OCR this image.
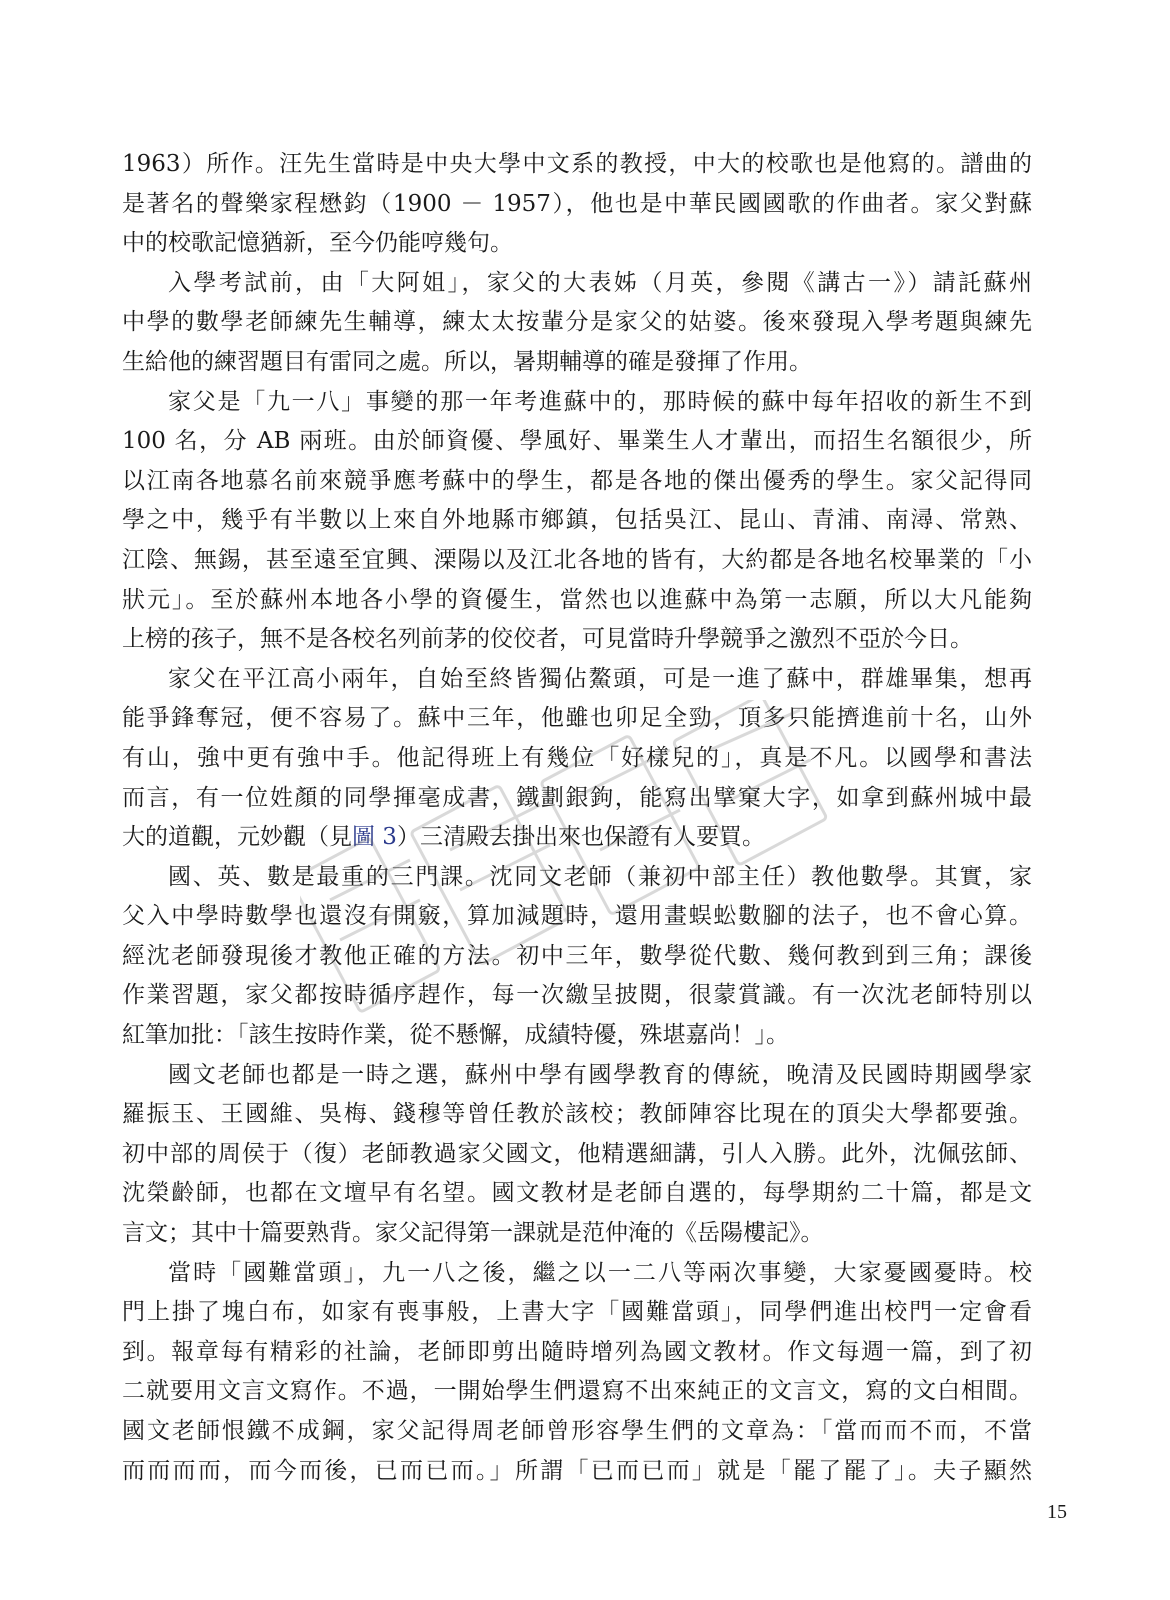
1963）所作。汪先生當時是中央大學中文系的教授，中大的校歌也是他寫的。譜曲的
是著名的聲樂家程懋鈞（1900 － 1957），他也是中華民國國歌的作曲者。家父對蘇
中的校歌記憶猶新，至今仍能哼幾句。
入學考試前，由「大阿姐」，家父的大表姊（月英，參閱《講古一》）請託蘇州
中學的數學老師練先生輔導，練太太按輩分是家父的姑婆。後來發現入學考題與練先
生給他的練習題目有雷同之處。所以，暑期輔導的確是發揮了作用。
家父是「九一八」事變的那一年考進蘇中的，那時候的蘇中每年招收的新生不到
100 名，分 AB 兩班。由於師資優、學風好、畢業生人才輩出，而招生名額很少，所
以江南各地慕名前來競爭應考蘇中的學生，都是各地的傑出優秀的學生。家父記得同
學之中，幾乎有半數以上來自外地縣市鄉鎮，包括吳江、昆山、青浦、南潯、常熟、
江陰、無錫，甚至遠至宜興、溧陽以及江北各地的皆有，大約都是各地名校畢業的「小
狀元」。至於蘇州本地各小學的資優生，當然也以進蘇中為第一志願，所以大凡能夠
上榜的孩子，無不是各校名列前茅的佼佼者，可見當時升學競爭之激烈不亞於今日。
家父在平江高小兩年，自始至終皆獨佔鰲頭，可是一進了蘇中，群雄畢集，想再
能爭鋒奪冠，便不容易了。蘇中三年，他雖也卯足全勁，頂多只能擠進前十名，山外
有山，強中更有強中手。他記得班上有幾位「好樣兒的」，真是不凡。以國學和書法
而言，有一位姓顏的同學揮毫成書，鐵劃銀鉤，能寫出擘窠大字，如拿到蘇州城中最
大的道觀，元妙觀（見圖 3）三清殿去掛出來也保證有人要買。
國、英、數是最重的三門課。沈同文老師（兼初中部主任）教他數學。其實，家
父入中學時數學也還沒有開竅，算加減題時，還用畫蜈蚣數腳的法子，也不會心算。
經沈老師發現後才教他正確的方法。初中三年，數學從代數、幾何教到到三角；課後
作業習題，家父都按時循序趕作，每一次繳呈披閱，很蒙賞識。有一次沈老師特別以
紅筆加批：「該生按時作業，從不懸懈，成績特優，殊堪嘉尚！」。
國文老師也都是一時之選，蘇州中學有國學教育的傳統，晚清及民國時期國學家
羅振玉、王國維、吳梅、錢穆等曾任教於該校；教師陣容比現在的頂尖大學都要強。
初中部的周侯于（復）老師教過家父國文，他精選細講，引人入勝。此外，沈佩弦師、
沈榮齡師，也都在文壇早有名望。國文教材是老師自選的，每學期約二十篇，都是文
言文；其中十篇要熟背。家父記得第一課就是范仲淹的《岳陽樓記》。
當時「國難當頭」，九一八之後，繼之以一二八等兩次事變，大家憂國憂時。校
門上掛了塊白布，如家有喪事般，上書大字「國難當頭」，同學們進出校門一定會看
到。報章每有精彩的社論，老師即剪出隨時增列為國文教材。作文每週一篇，到了初
二就要用文言文寫作。不過，一開始學生們還寫不出來純正的文言文，寫的文白相間。
國文老師恨鐵不成鋼，家父記得周老師曾形容學生們的文章為：「當而而不而，不當
而而而而，而今而後，已而已而。」所謂「已而已而」就是「罷了罷了」。夫子顯然
15
